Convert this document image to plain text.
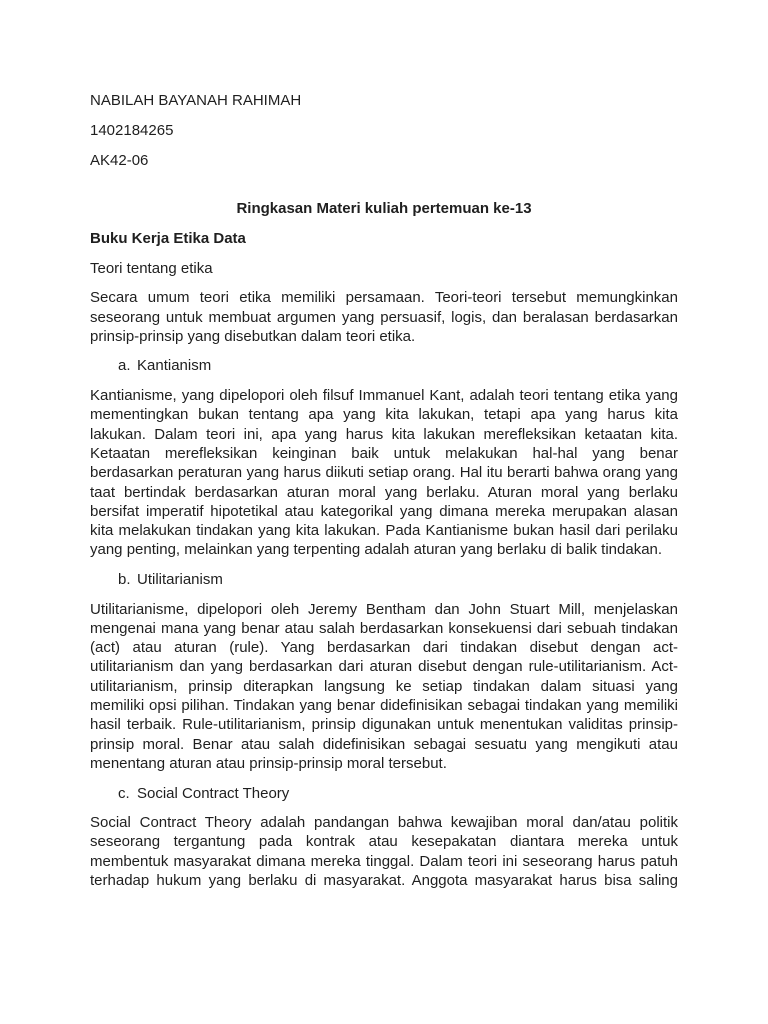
NABILAH BAYANAH RAHIMAH

1402184265

AK42-06

Ringkasan Materi kuliah pertemuan ke-13

Buku Kerja Etika Data

Teori tentang etika

Secara umum teori etika memiliki persamaan. Teori-teori tersebut memungkinkan
seseorang untuk membuat argumen yang persuasif, logis, dan beralasan berdasarkan
prinsip-prinsip yang disebutkan dalam teori etika.
a. Kantianism
Kantianisme, yang dipelopori oleh filsuf Immanuel Kant, adalah teori tentang etika yang
mementingkan bukan tentang apa yang kita lakukan, tetapi apa yang harus kita
lakukan. Dalam teori ini, apa yang harus kita lakukan merefleksikan ketaatan kita.
Ketaatan merefleksikan keinginan baik untuk melakukan hal-hal yang benar
berdasarkan peraturan yang harus diikuti setiap orang. Hal itu berarti bahwa orang yang
taat bertindak berdasarkan aturan moral yang berlaku. Aturan moral yang berlaku
bersifat imperatif hipotetikal atau kategorikal yang dimana mereka merupakan alasan
kita melakukan tindakan yang kita lakukan. Pada Kantianisme bukan hasil dari perilaku
yang penting, melainkan yang terpenting adalah aturan yang berlaku di balik tindakan.
b. Utilitarianism
Utilitarianisme, dipelopori oleh Jeremy Bentham dan John Stuart Mill, menjelaskan
mengenai mana yang benar atau salah berdasarkan konsekuensi dari sebuah tindakan
(act) atau aturan (rule). Yang berdasarkan dari tindakan disebut dengan act-
utilitarianism dan yang berdasarkan dari aturan disebut dengan rule-utilitarianism. Act-
utilitarianism, prinsip diterapkan langsung ke setiap tindakan dalam situasi yang
memiliki opsi pilihan. Tindakan yang benar didefinisikan sebagai tindakan yang memiliki
hasil terbaik. Rule-utilitarianism, prinsip digunakan untuk menentukan validitas prinsip-
prinsip moral. Benar atau salah didefinisikan sebagai sesuatu yang mengikuti atau
menentang aturan atau prinsip-prinsip moral tersebut.
c. Social Contract Theory
Social Contract Theory adalah pandangan bahwa kewajiban moral dan/atau politik
seseorang tergantung pada kontrak atau kesepakatan diantara mereka untuk
membentuk masyarakat dimana mereka tinggal. Dalam teori ini seseorang harus patuh
terhadap hukum yang berlaku di masyarakat. Anggota masyarakat harus bisa saling
